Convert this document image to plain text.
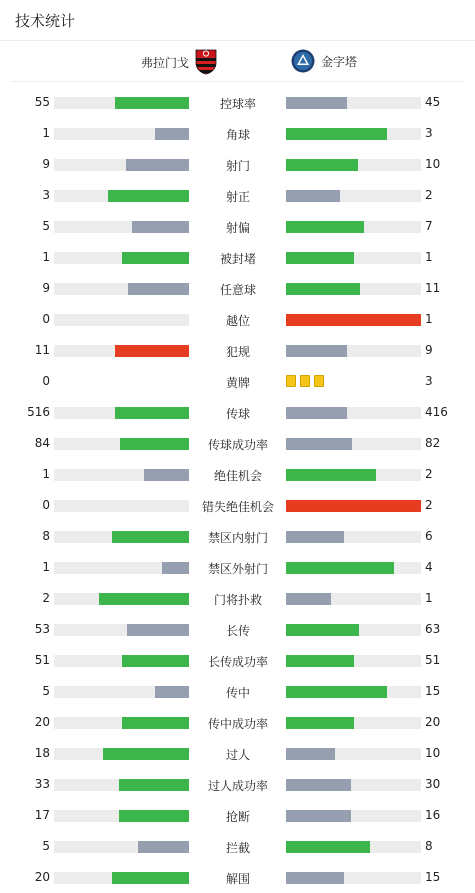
技术统计
弗拉门戈	金字塔
55	控球率	45
1	角球	3
9	射门	10
3	射正	2
5	射偏	7
1	被封堵	1
9	任意球	11
0	越位	1
11	犯规	9
0	黄牌	3
516	传球	416
84	传球成功率	82
1	绝佳机会	2
0	错失绝佳机会	2
8	禁区内射门	6
1	禁区外射门	4
2	门将扑救	1
53	长传	63
51	长传成功率	51
5	传中	15
20	传中成功率	20
18	过人	10
33	过人成功率	30
17	抢断	16
5	拦截	8
20	解围	15
